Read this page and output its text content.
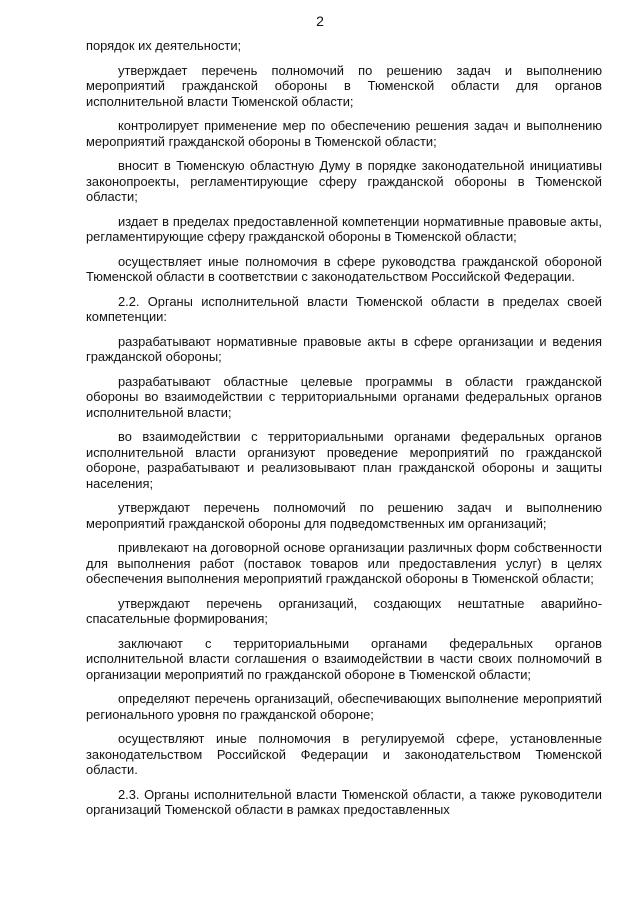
2

порядок их деятельности;

утверждает перечень полномочий по решению задач и выполнению мероприятий гражданской обороны в Тюменской области для органов исполнительной власти Тюменской области;

контролирует применение мер по обеспечению решения задач и выполнению мероприятий гражданской обороны в Тюменской области;

вносит в Тюменскую областную Думу в порядке законодательной инициативы законопроекты, регламентирующие сферу гражданской обороны в Тюменской области;

издает в пределах предоставленной компетенции нормативные правовые акты, регламентирующие сферу гражданской обороны в Тюменской области;

осуществляет иные полномочия в сфере руководства гражданской обороной Тюменской области в соответствии с законодательством Российской Федерации.

2.2. Органы исполнительной власти Тюменской области в пределах своей компетенции:

разрабатывают нормативные правовые акты в сфере организации и ведения гражданской обороны;

разрабатывают областные целевые программы в области гражданской обороны во взаимодействии с территориальными органами федеральных органов исполнительной власти;

во взаимодействии с территориальными органами федеральных органов исполнительной власти организуют проведение мероприятий по гражданской обороне, разрабатывают и реализовывают план гражданской обороны и защиты населения;

утверждают перечень полномочий по решению задач и выполнению мероприятий гражданской обороны для подведомственных им организаций;

привлекают на договорной основе организации различных форм собственности для выполнения работ (поставок товаров или предоставления услуг) в целях обеспечения выполнения мероприятий гражданской обороны в Тюменской области;

утверждают перечень организаций, создающих нештатные аварийно-спасательные формирования;

заключают с территориальными органами федеральных органов исполнительной власти соглашения о взаимодействии в части своих полномочий в организации мероприятий по гражданской обороне в Тюменской области;

определяют перечень организаций, обеспечивающих выполнение мероприятий регионального уровня по гражданской обороне;

осуществляют иные полномочия в регулируемой сфере, установленные законодательством Российской Федерации и законодательством Тюменской области.

2.3. Органы исполнительной власти Тюменской области, а также руководители организаций Тюменской области в рамках предоставленных
